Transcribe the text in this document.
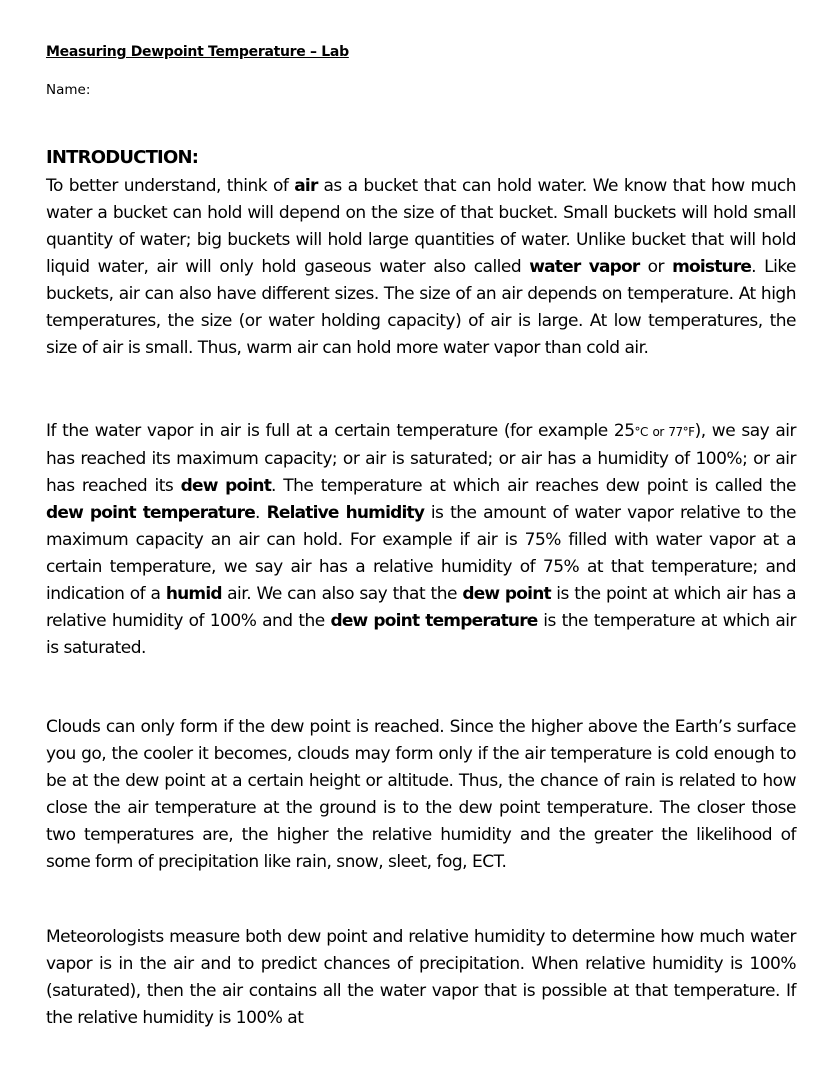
Measuring Dewpoint Temperature – Lab
Name:
INTRODUCTION:
To better understand, think of air as a bucket that can hold water. We know that how much water a bucket can hold will depend on the size of that bucket. Small buckets will hold small quantity of water; big buckets will hold large quantities of water. Unlike bucket that will hold liquid water, air will only hold gaseous water also called water vapor or moisture. Like buckets, air can also have different sizes. The size of an air depends on temperature. At high temperatures, the size (or water holding capacity) of air is large. At low temperatures, the size of air is small. Thus, warm air can hold more water vapor than cold air.
If the water vapor in air is full at a certain temperature (for example 25°C or 77°F), we say air has reached its maximum capacity; or air is saturated; or air has a humidity of 100%; or air has reached its dew point. The temperature at which air reaches dew point is called the dew point temperature. Relative humidity is the amount of water vapor relative to the maximum capacity an air can hold. For example if air is 75% filled with water vapor at a certain temperature, we say air has a relative humidity of 75% at that temperature; and indication of a humid air. We can also say that the dew point is the point at which air has a relative humidity of 100% and the dew point temperature is the temperature at which air is saturated.
Clouds can only form if the dew point is reached. Since the higher above the Earth’s surface you go, the cooler it becomes, clouds may form only if the air temperature is cold enough to be at the dew point at a certain height or altitude. Thus, the chance of rain is related to how close the air temperature at the ground is to the dew point temperature. The closer those two temperatures are, the higher the relative humidity and the greater the likelihood of some form of precipitation like rain, snow, sleet, fog, ECT.
Meteorologists measure both dew point and relative humidity to determine how much water vapor is in the air and to predict chances of precipitation. When relative humidity is 100% (saturated), then the air contains all the water vapor that is possible at that temperature. If the relative humidity is 100% at
